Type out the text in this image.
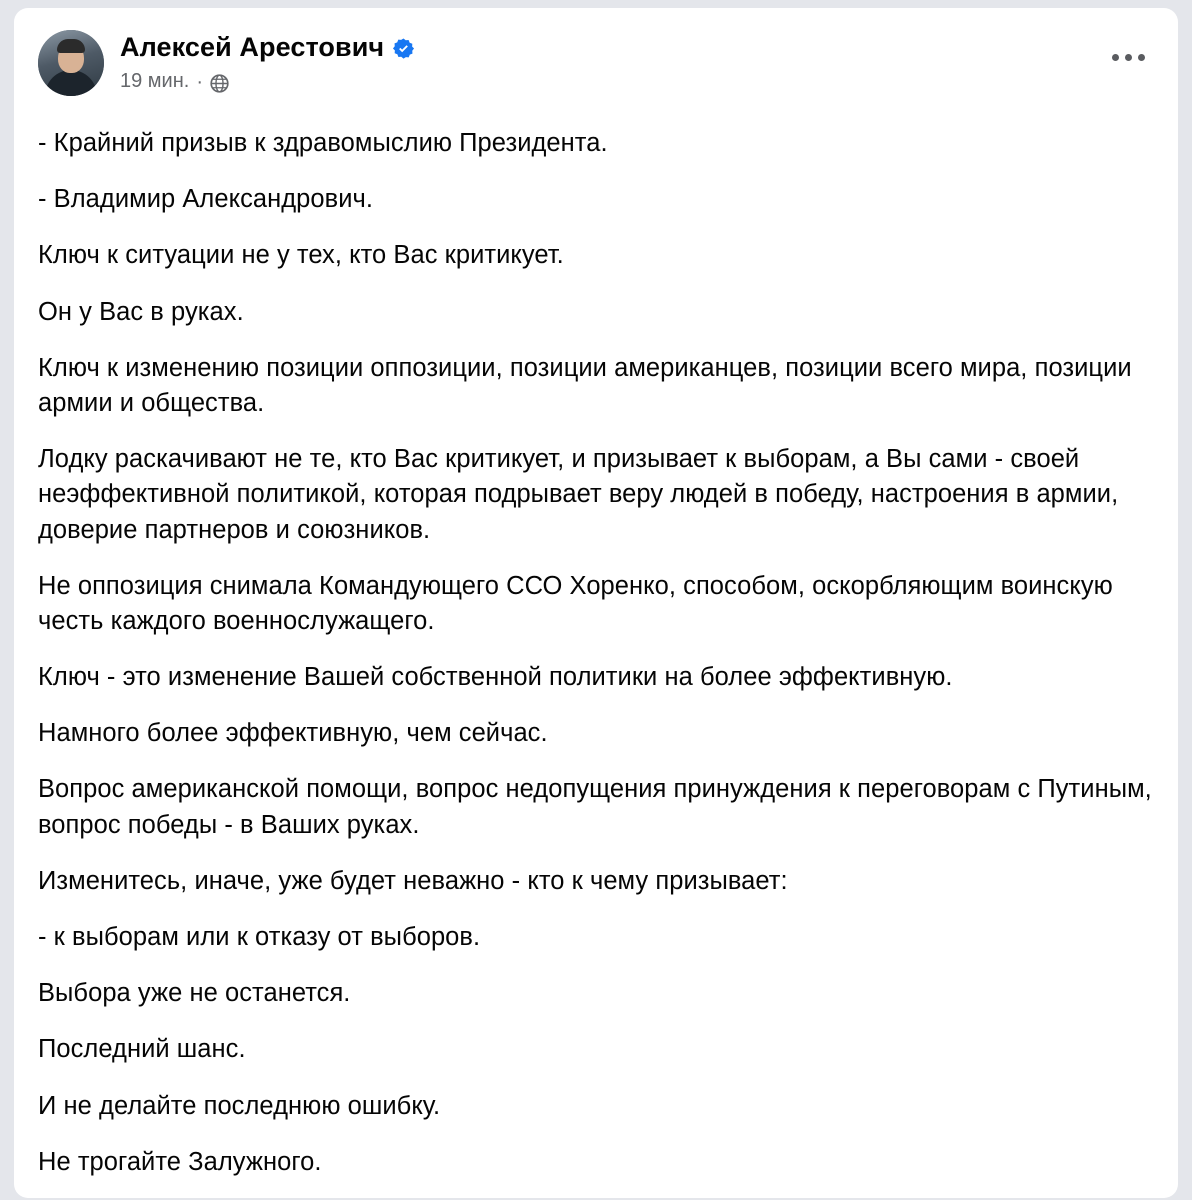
Алексей Арестович
19 мин. ·

- Крайний призыв к здравомыслию Президента.

- Владимир Александрович.

Ключ к ситуации не у тех, кто Вас критикует.

Он у Вас в руках.

Ключ к изменению позиции оппозиции, позиции американцев, позиции всего мира, позиции армии и общества.

Лодку раскачивают не те, кто Вас критикует, и призывает к выборам, а Вы сами - своей неэффективной политикой, которая подрывает веру людей в победу, настроения в армии, доверие партнеров и союзников.

Не оппозиция снимала Командующего ССО Хоренко, способом, оскорбляющим воинскую честь каждого военнослужащего.

Ключ - это изменение Вашей собственной политики на более эффективную.

Намного более эффективную, чем сейчас.

Вопрос американской помощи, вопрос недопущения принуждения к переговорам с Путиным, вопрос победы - в Ваших руках.

Изменитесь, иначе, уже будет неважно - кто к чему призывает:

- к выборам или к отказу от выборов.

Выбора уже не останется.

Последний шанс.

И не делайте последнюю ошибку.

Не трогайте Залужного.
